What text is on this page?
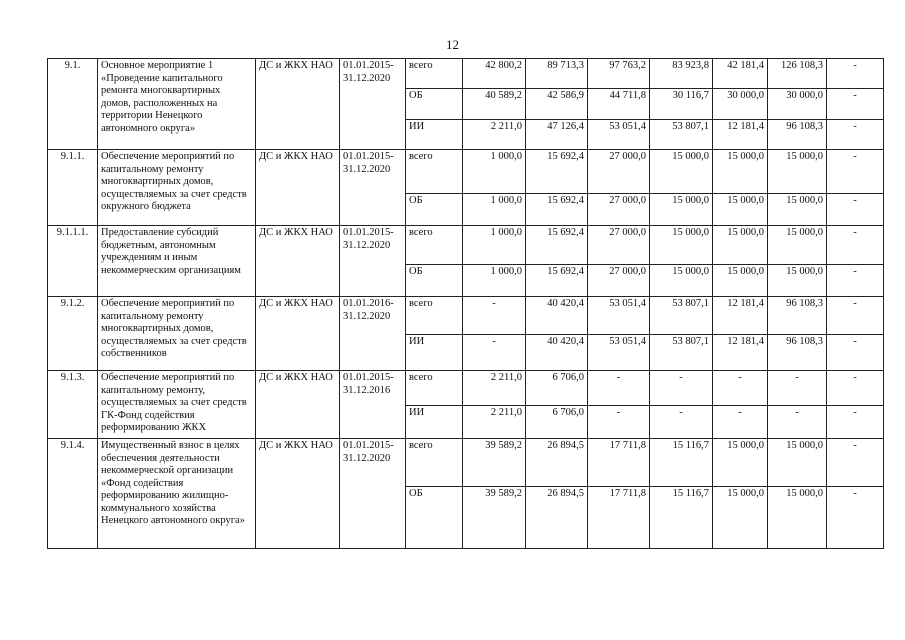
12
9.1.	Основное мероприятие 1 «Проведение капитального ремонта многоквартирных домов, расположенных на территории Ненецкого автономного округа»	ДС и ЖКХ НАО	01.01.2015-31.12.2020	всего	42 800,2	89 713,3	97 763,2	83 923,8	42 181,4	126 108,3	-
				ОБ	40 589,2	42 586,9	44 711,8	30 116,7	30 000,0	30 000,0	-
				ИИ	2 211,0	47 126,4	53 051,4	53 807,1	12 181,4	96 108,3	-
9.1.1.	Обеспечение мероприятий по капитальному ремонту многоквартирных домов, осуществляемых за счет средств окружного бюджета	ДС и ЖКХ НАО	01.01.2015-31.12.2020	всего	1 000,0	15 692,4	27 000,0	15 000,0	15 000,0	15 000,0	-
				ОБ	1 000,0	15 692,4	27 000,0	15 000,0	15 000,0	15 000,0	-
9.1.1.1.	Предоставление субсидий бюджетным, автономным учреждениям и иным некоммерческим организациям	ДС и ЖКХ НАО	01.01.2015-31.12.2020	всего	1 000,0	15 692,4	27 000,0	15 000,0	15 000,0	15 000,0	-
				ОБ	1 000,0	15 692,4	27 000,0	15 000,0	15 000,0	15 000,0	-
9.1.2.	Обеспечение мероприятий по капитальному ремонту многоквартирных домов, осуществляемых за счет средств собственников	ДС и ЖКХ НАО	01.01.2016-31.12.2020	всего	-	40 420,4	53 051,4	53 807,1	12 181,4	96 108,3	-
				ИИ	-	40 420,4	53 051,4	53 807,1	12 181,4	96 108,3	-
9.1.3.	Обеспечение мероприятий по капитальному ремонту, осуществляемых за счет средств ГК-Фонд содействия реформированию ЖКХ	ДС и ЖКХ НАО	01.01.2015-31.12.2016	всего	2 211,0	6 706,0	-	-	-	-	-
				ИИ	2 211,0	6 706,0	-	-	-	-	-
9.1.4.	Имущественный взнос в целях обеспечения деятельности некоммерческой организации «Фонд содействия реформированию жилищно-коммунального хозяйства Ненецкого автономного округа»	ДС и ЖКХ НАО	01.01.2015-31.12.2020	всего	39 589,2	26 894,5	17 711,8	15 116,7	15 000,0	15 000,0	-
				ОБ	39 589,2	26 894,5	17 711,8	15 116,7	15 000,0	15 000,0	-
